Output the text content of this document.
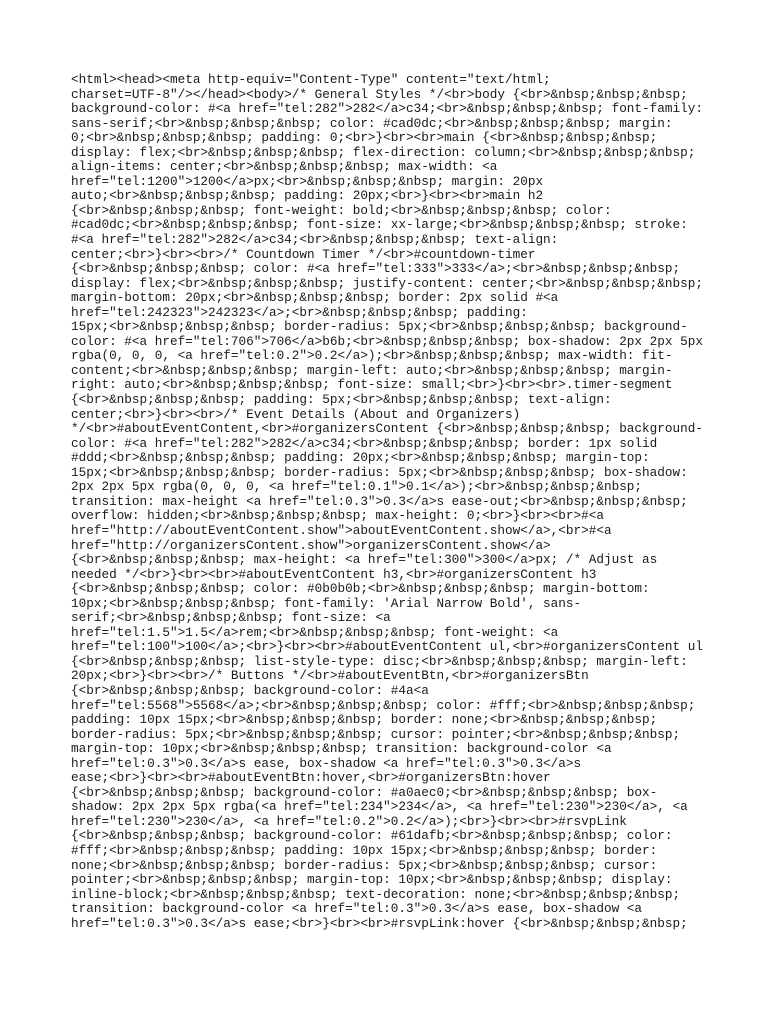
<html><head><meta http-equiv="Content-Type" content="text/html;
charset=UTF-8"/></head><body>/* General Styles */<br>body {<br>&nbsp;&nbsp;&nbsp;
background-color: #<a href="tel:282">282</a>c34;<br>&nbsp;&nbsp;&nbsp; font-family:
sans-serif;<br>&nbsp;&nbsp;&nbsp; color: #cad0dc;<br>&nbsp;&nbsp;&nbsp; margin:
0;<br>&nbsp;&nbsp;&nbsp; padding: 0;<br>}<br><br>main {<br>&nbsp;&nbsp;&nbsp;
display: flex;<br>&nbsp;&nbsp;&nbsp; flex-direction: column;<br>&nbsp;&nbsp;&nbsp;
align-items: center;<br>&nbsp;&nbsp;&nbsp; max-width: <a
href="tel:1200">1200</a>px;<br>&nbsp;&nbsp;&nbsp; margin: 20px
auto;<br>&nbsp;&nbsp;&nbsp; padding: 20px;<br>}<br><br>main h2
{<br>&nbsp;&nbsp;&nbsp; font-weight: bold;<br>&nbsp;&nbsp;&nbsp; color:
#cad0dc;<br>&nbsp;&nbsp;&nbsp; font-size: xx-large;<br>&nbsp;&nbsp;&nbsp; stroke:
#<a href="tel:282">282</a>c34;<br>&nbsp;&nbsp;&nbsp; text-align:
center;<br>}<br><br>/* Countdown Timer */<br>#countdown-timer
{<br>&nbsp;&nbsp;&nbsp; color: #<a href="tel:333">333</a>;<br>&nbsp;&nbsp;&nbsp;
display: flex;<br>&nbsp;&nbsp;&nbsp; justify-content: center;<br>&nbsp;&nbsp;&nbsp;
margin-bottom: 20px;<br>&nbsp;&nbsp;&nbsp; border: 2px solid #<a
href="tel:242323">242323</a>;<br>&nbsp;&nbsp;&nbsp; padding:
15px;<br>&nbsp;&nbsp;&nbsp; border-radius: 5px;<br>&nbsp;&nbsp;&nbsp; background-
color: #<a href="tel:706">706</a>b6b;<br>&nbsp;&nbsp;&nbsp; box-shadow: 2px 2px 5px
rgba(0, 0, 0, <a href="tel:0.2">0.2</a>);<br>&nbsp;&nbsp;&nbsp; max-width: fit-
content;<br>&nbsp;&nbsp;&nbsp; margin-left: auto;<br>&nbsp;&nbsp;&nbsp; margin-
right: auto;<br>&nbsp;&nbsp;&nbsp; font-size: small;<br>}<br><br>.timer-segment
{<br>&nbsp;&nbsp;&nbsp; padding: 5px;<br>&nbsp;&nbsp;&nbsp; text-align:
center;<br>}<br><br>/* Event Details (About and Organizers)
*/<br>#aboutEventContent,<br>#organizersContent {<br>&nbsp;&nbsp;&nbsp; background-
color: #<a href="tel:282">282</a>c34;<br>&nbsp;&nbsp;&nbsp; border: 1px solid
#ddd;<br>&nbsp;&nbsp;&nbsp; padding: 20px;<br>&nbsp;&nbsp;&nbsp; margin-top:
15px;<br>&nbsp;&nbsp;&nbsp; border-radius: 5px;<br>&nbsp;&nbsp;&nbsp; box-shadow:
2px 2px 5px rgba(0, 0, 0, <a href="tel:0.1">0.1</a>);<br>&nbsp;&nbsp;&nbsp;
transition: max-height <a href="tel:0.3">0.3</a>s ease-out;<br>&nbsp;&nbsp;&nbsp;
overflow: hidden;<br>&nbsp;&nbsp;&nbsp; max-height: 0;<br>}<br><br>#<a
href="http://aboutEventContent.show">aboutEventContent.show</a>,<br>#<a
href="http://organizersContent.show">organizersContent.show</a>
{<br>&nbsp;&nbsp;&nbsp; max-height: <a href="tel:300">300</a>px; /* Adjust as
needed */<br>}<br><br>#aboutEventContent h3,<br>#organizersContent h3
{<br>&nbsp;&nbsp;&nbsp; color: #0b0b0b;<br>&nbsp;&nbsp;&nbsp; margin-bottom:
10px;<br>&nbsp;&nbsp;&nbsp; font-family: 'Arial Narrow Bold', sans-
serif;<br>&nbsp;&nbsp;&nbsp; font-size: <a
href="tel:1.5">1.5</a>rem;<br>&nbsp;&nbsp;&nbsp; font-weight: <a
href="tel:100">100</a>;<br>}<br><br>#aboutEventContent ul,<br>#organizersContent ul
{<br>&nbsp;&nbsp;&nbsp; list-style-type: disc;<br>&nbsp;&nbsp;&nbsp; margin-left:
20px;<br>}<br><br>/* Buttons */<br>#aboutEventBtn,<br>#organizersBtn
{<br>&nbsp;&nbsp;&nbsp; background-color: #4a<a
href="tel:5568">5568</a>;<br>&nbsp;&nbsp;&nbsp; color: #fff;<br>&nbsp;&nbsp;&nbsp;
padding: 10px 15px;<br>&nbsp;&nbsp;&nbsp; border: none;<br>&nbsp;&nbsp;&nbsp;
border-radius: 5px;<br>&nbsp;&nbsp;&nbsp; cursor: pointer;<br>&nbsp;&nbsp;&nbsp;
margin-top: 10px;<br>&nbsp;&nbsp;&nbsp; transition: background-color <a
href="tel:0.3">0.3</a>s ease, box-shadow <a href="tel:0.3">0.3</a>s
ease;<br>}<br><br>#aboutEventBtn:hover,<br>#organizersBtn:hover
{<br>&nbsp;&nbsp;&nbsp; background-color: #a0aec0;<br>&nbsp;&nbsp;&nbsp; box-
shadow: 2px 2px 5px rgba(<a href="tel:234">234</a>, <a href="tel:230">230</a>, <a
href="tel:230">230</a>, <a href="tel:0.2">0.2</a>);<br>}<br><br>#rsvpLink
{<br>&nbsp;&nbsp;&nbsp; background-color: #61dafb;<br>&nbsp;&nbsp;&nbsp; color:
#fff;<br>&nbsp;&nbsp;&nbsp; padding: 10px 15px;<br>&nbsp;&nbsp;&nbsp; border:
none;<br>&nbsp;&nbsp;&nbsp; border-radius: 5px;<br>&nbsp;&nbsp;&nbsp; cursor:
pointer;<br>&nbsp;&nbsp;&nbsp; margin-top: 10px;<br>&nbsp;&nbsp;&nbsp; display:
inline-block;<br>&nbsp;&nbsp;&nbsp; text-decoration: none;<br>&nbsp;&nbsp;&nbsp;
transition: background-color <a href="tel:0.3">0.3</a>s ease, box-shadow <a
href="tel:0.3">0.3</a>s ease;<br>}<br><br>#rsvpLink:hover {<br>&nbsp;&nbsp;&nbsp;
